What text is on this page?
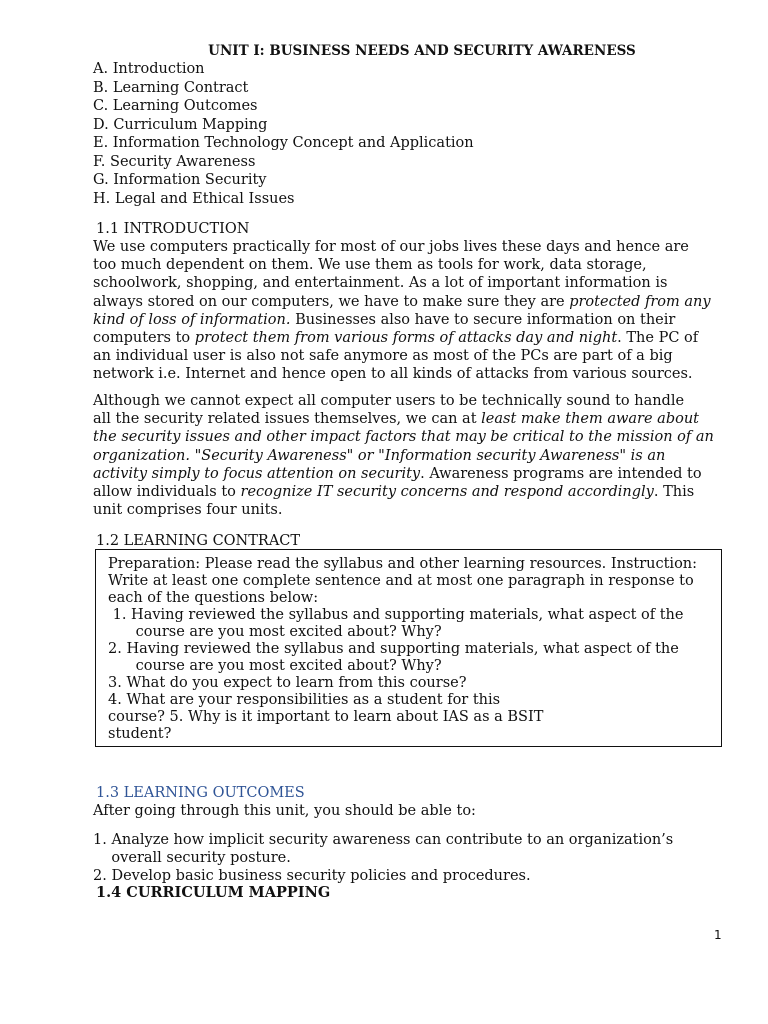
UNIT I: BUSINESS NEEDS AND SECURITY AWARENESS
A. Introduction
B. Learning Contract
C. Learning Outcomes
D. Curriculum Mapping
E. Information Technology Concept and Application
F. Security Awareness
G. Information Security
H. Legal and Ethical Issues
1.1 INTRODUCTION

We use computers practically for most of our jobs lives these days and hence are
too much dependent on them. We use them as tools for work, data storage,
schoolwork, shopping, and entertainment. As a lot of important information is
always stored on our computers, we have to make sure they are protected from any
kind of loss of information. Businesses also have to secure information on their
computers to protect them from various forms of attacks day and night. The PC of
an individual user is also not safe anymore as most of the PCs are part of a big
network i.e. Internet and hence open to all kinds of attacks from various sources.

Although we cannot expect all computer users to be technically sound to handle
all the security related issues themselves, we can at least make them aware about
the security issues and other impact factors that may be critical to the mission of an
organization. "Security Awareness" or "Information security Awareness" is an
activity simply to focus attention on security. Awareness programs are intended to
allow individuals to recognize IT security concerns and respond accordingly. This
unit comprises four units.

1.2 LEARNING CONTRACT
Preparation: Please read the syllabus and other learning resources. Instruction:
Write at least one complete sentence and at most one paragraph in response to
each of the questions below:
1. Having reviewed the syllabus and supporting materials, what aspect of the
course are you most excited about? Why?
2. Having reviewed the syllabus and supporting materials, what aspect of the
course are you most excited about? Why?
3. What do you expect to learn from this course?
4. What are your responsibilities as a student for this
course? 5. Why is it important to learn about IAS as a BSIT
student?
1.3 LEARNING OUTCOMES

After going through this unit, you should be able to:

1. Analyze how implicit security awareness can contribute to an organization’s
overall security posture.
2. Develop basic business security policies and procedures.

1.4 CURRICULUM MAPPING
1
